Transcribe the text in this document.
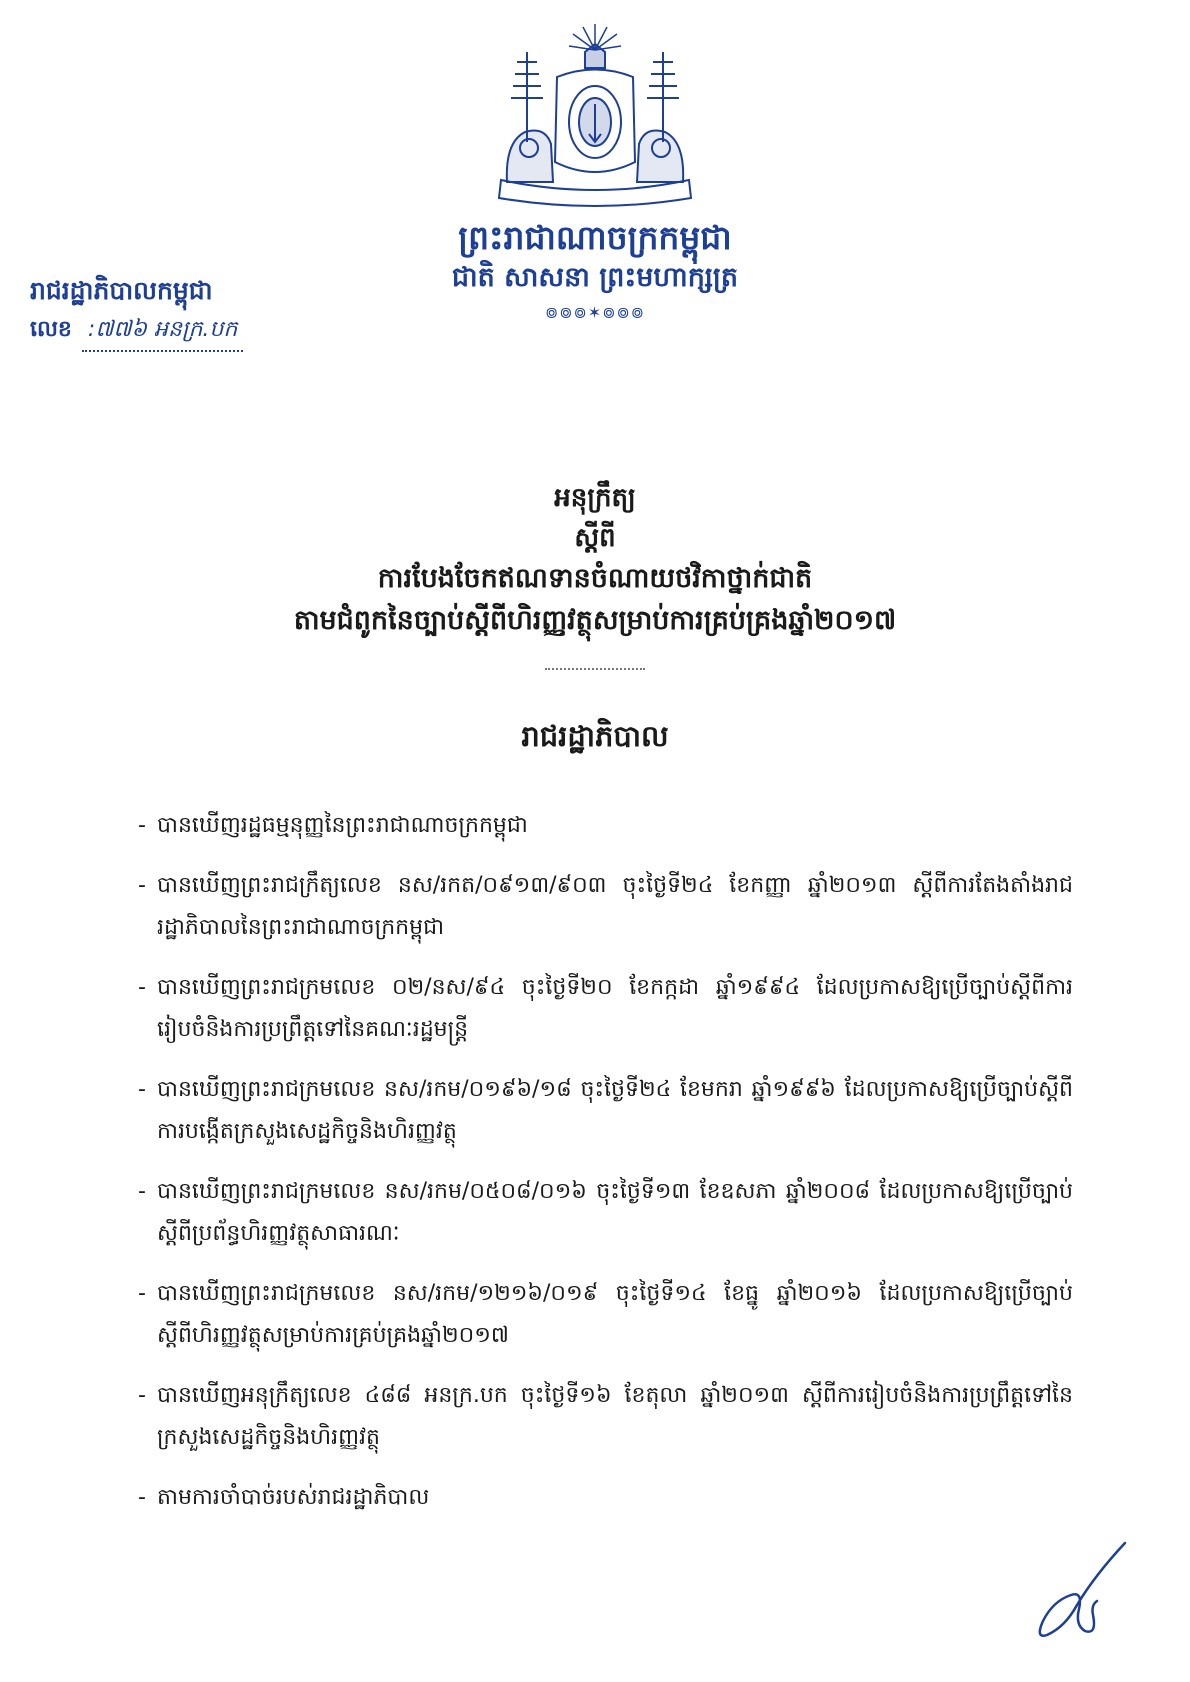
ព្រះរាជាណាចក្រកម្ពុជា
ជាតិ សាសនា ព្រះមហាក្សត្រ
៙៙៙✶៙៙៙
រាជរដ្ឋាភិបាលកម្ពុជា
លេខ :៧៧៦ អនក្រ.បក
អនុក្រឹត្យ
ស្តីពី
ការបែងចែកឥណទានចំណាយថវិកាថ្នាក់ជាតិ
តាមជំពូកនៃច្បាប់ស្តីពីហិរញ្ញវត្ថុសម្រាប់ការគ្រប់គ្រងឆ្នាំ២០១៧
រាជរដ្ឋាភិបាល
- បានឃើញរដ្ឋធម្មនុញ្ញនៃព្រះរាជាណាចក្រកម្ពុជា
- បានឃើញព្រះរាជក្រឹត្យលេខ នស/រកត/០៩១៣/៩០៣ ចុះថ្ងៃទី២៤ ខែកញ្ញា ឆ្នាំ២០១៣ ស្តីពីការតែងតាំងរាជរដ្ឋាភិបាលនៃព្រះរាជាណាចក្រកម្ពុជា
- បានឃើញព្រះរាជក្រមលេខ ០២/នស/៩៤ ចុះថ្ងៃទី២០ ខែកក្កដា ឆ្នាំ១៩៩៤ ដែលប្រកាសឱ្យប្រើច្បាប់ស្តីពីការរៀបចំនិងការប្រព្រឹត្តទៅនៃគណៈរដ្ឋមន្ត្រី
- បានឃើញព្រះរាជក្រមលេខ នស/រកម/០១៩៦/១៨ ចុះថ្ងៃទី២៤ ខែមករា ឆ្នាំ១៩៩៦ ដែលប្រកាសឱ្យប្រើច្បាប់ស្តីពីការបង្កើតក្រសួងសេដ្ឋកិច្ចនិងហិរញ្ញវត្ថុ
- បានឃើញព្រះរាជក្រមលេខ នស/រកម/០៥០៨/០១៦ ចុះថ្ងៃទី១៣ ខែឧសភា ឆ្នាំ២០០៨ ដែលប្រកាសឱ្យប្រើច្បាប់ស្តីពីប្រព័ន្ធហិរញ្ញវត្ថុសាធារណៈ
- បានឃើញព្រះរាជក្រមលេខ នស/រកម/១២១៦/០១៩ ចុះថ្ងៃទី១៤ ខែធ្នូ ឆ្នាំ២០១៦ ដែលប្រកាសឱ្យប្រើច្បាប់ស្តីពីហិរញ្ញវត្ថុសម្រាប់ការគ្រប់គ្រងឆ្នាំ២០១៧
- បានឃើញអនុក្រឹត្យលេខ ៤៨៨ អនក្រ.បក ចុះថ្ងៃទី១៦ ខែតុលា ឆ្នាំ២០១៣ ស្តីពីការរៀបចំនិងការប្រព្រឹត្តទៅនៃក្រសួងសេដ្ឋកិច្ចនិងហិរញ្ញវត្ថុ
- តាមការចាំបាច់របស់រាជរដ្ឋាភិបាល
